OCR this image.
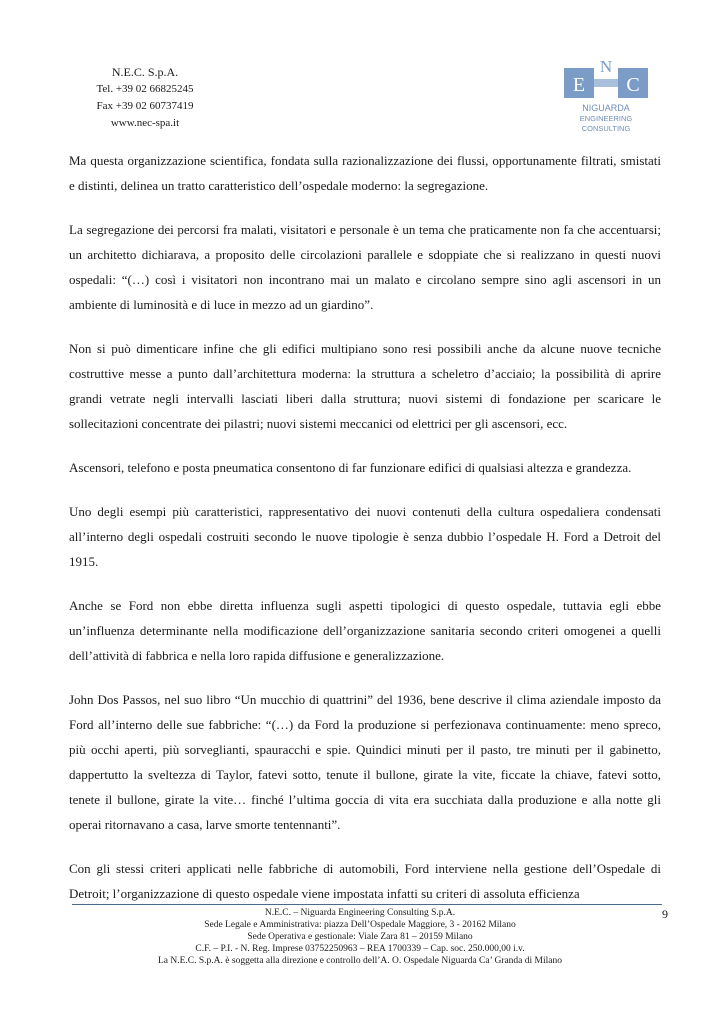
N.E.C. S.p.A.
Tel. +39 02 66825245
Fax +39 02 60737419
www.nec-spa.it
N
E C
NIGUARDA
ENGINEERING
CONSULTING

Ma questa organizzazione scientifica, fondata sulla razionalizzazione dei flussi, opportunamente filtrati, smistati e distinti, delinea un tratto caratteristico dell’ospedale moderno: la segregazione.

La segregazione dei percorsi fra malati, visitatori e personale è un tema che praticamente non fa che accentuarsi; un architetto dichiarava, a proposito delle circolazioni parallele e sdoppiate che si realizzano in questi nuovi ospedali: “(…) così i visitatori non incontrano mai un malato e circolano sempre sino agli ascensori in un ambiente di luminosità e di luce in mezzo ad un giardino”.

Non si può dimenticare infine che gli edifici multipiano sono resi possibili anche da alcune nuove tecniche costruttive messe a punto dall’architettura moderna: la struttura a scheletro d’acciaio; la possibilità di aprire grandi vetrate negli intervalli lasciati liberi dalla struttura; nuovi sistemi di fondazione per scaricare le sollecitazioni concentrate dei pilastri; nuovi sistemi meccanici od elettrici per gli ascensori, ecc.

Ascensori, telefono e posta pneumatica consentono di far funzionare edifici di qualsiasi altezza e grandezza.

Uno degli esempi più caratteristici, rappresentativo dei nuovi contenuti della cultura ospedaliera condensati all’interno degli ospedali costruiti secondo le nuove tipologie è senza dubbio l’ospedale H. Ford a Detroit del 1915.

Anche se Ford non ebbe diretta influenza sugli aspetti tipologici di questo ospedale, tuttavia egli ebbe un’influenza determinante nella modificazione dell’organizzazione sanitaria secondo criteri omogenei a quelli dell’attività di fabbrica e nella loro rapida diffusione e generalizzazione.

John Dos Passos, nel suo libro “Un mucchio di quattrini” del 1936, bene descrive il clima aziendale imposto da Ford all’interno delle sue fabbriche: “(…) da Ford la produzione si perfezionava continuamente: meno spreco, più occhi aperti, più sorveglianti, spauracchi e spie. Quindici minuti per il pasto, tre minuti per il gabinetto, dappertutto la sveltezza di Taylor, fatevi sotto, tenute il bullone, girate la vite, ficcate la chiave, fatevi sotto, tenete il bullone, girate la vite… finché l’ultima goccia di vita era succhiata dalla produzione e alla notte gli operai ritornavano a casa, larve smorte tentennanti”.

Con gli stessi criteri applicati nelle fabbriche di automobili, Ford interviene nella gestione dell’Ospedale di Detroit; l’organizzazione di questo ospedale viene impostata infatti su criteri di assoluta efficienza

N.E.C. – Niguarda Engineering Consulting S.p.A.
Sede Legale e Amministrativa: piazza Dell’Ospedale Maggiore, 3 - 20162 Milano
Sede Operativa e gestionale: Viale Zara 81 – 20159 Milano
C.F. – P.I. - N. Reg. Imprese 03752250963 – REA 1700339 – Cap. soc. 250.000,00 i.v.
La N.E.C. S.p.A. è soggetta alla direzione e controllo dell’A. O. Ospedale Niguarda Ca’ Granda di Milano
9
